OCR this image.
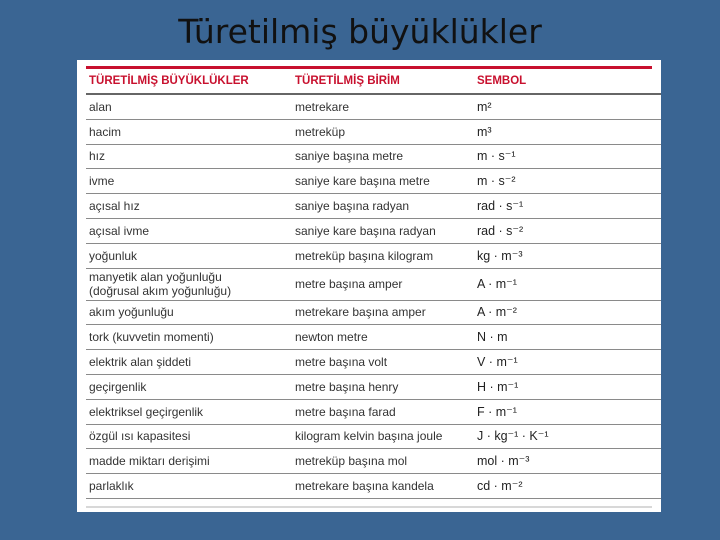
Türetilmiş büyüklükler
TÜRETİLMİŞ BÜYÜKLÜKLER	TÜRETİLMİŞ BİRİM	SEMBOL
alan	metrekare	m²
hacim	metreküp	m³
hız	saniye başına metre	m · s⁻¹
ivme	saniye kare başına metre	m · s⁻²
açısal hız	saniye başına radyan	rad · s⁻¹
açısal ivme	saniye kare başına radyan	rad · s⁻²
yoğunluk	metreküp başına kilogram	kg · m⁻³
manyetik alan yoğunluğu
(doğrusal akım yoğunluğu)	metre başına amper	A · m⁻¹
akım yoğunluğu	metrekare başına amper	A · m⁻²
tork (kuvvetin momenti)	newton metre	N · m
elektrik alan şiddeti	metre başına volt	V · m⁻¹
geçirgenlik	metre başına henry	H · m⁻¹
elektriksel geçirgenlik	metre başına farad	F · m⁻¹
özgül ısı kapasitesi	kilogram kelvin başına joule	J · kg⁻¹ · K⁻¹
madde miktarı derişimi	metreküp başına mol	mol · m⁻³
parlaklık	metrekare başına kandela	cd · m⁻²
